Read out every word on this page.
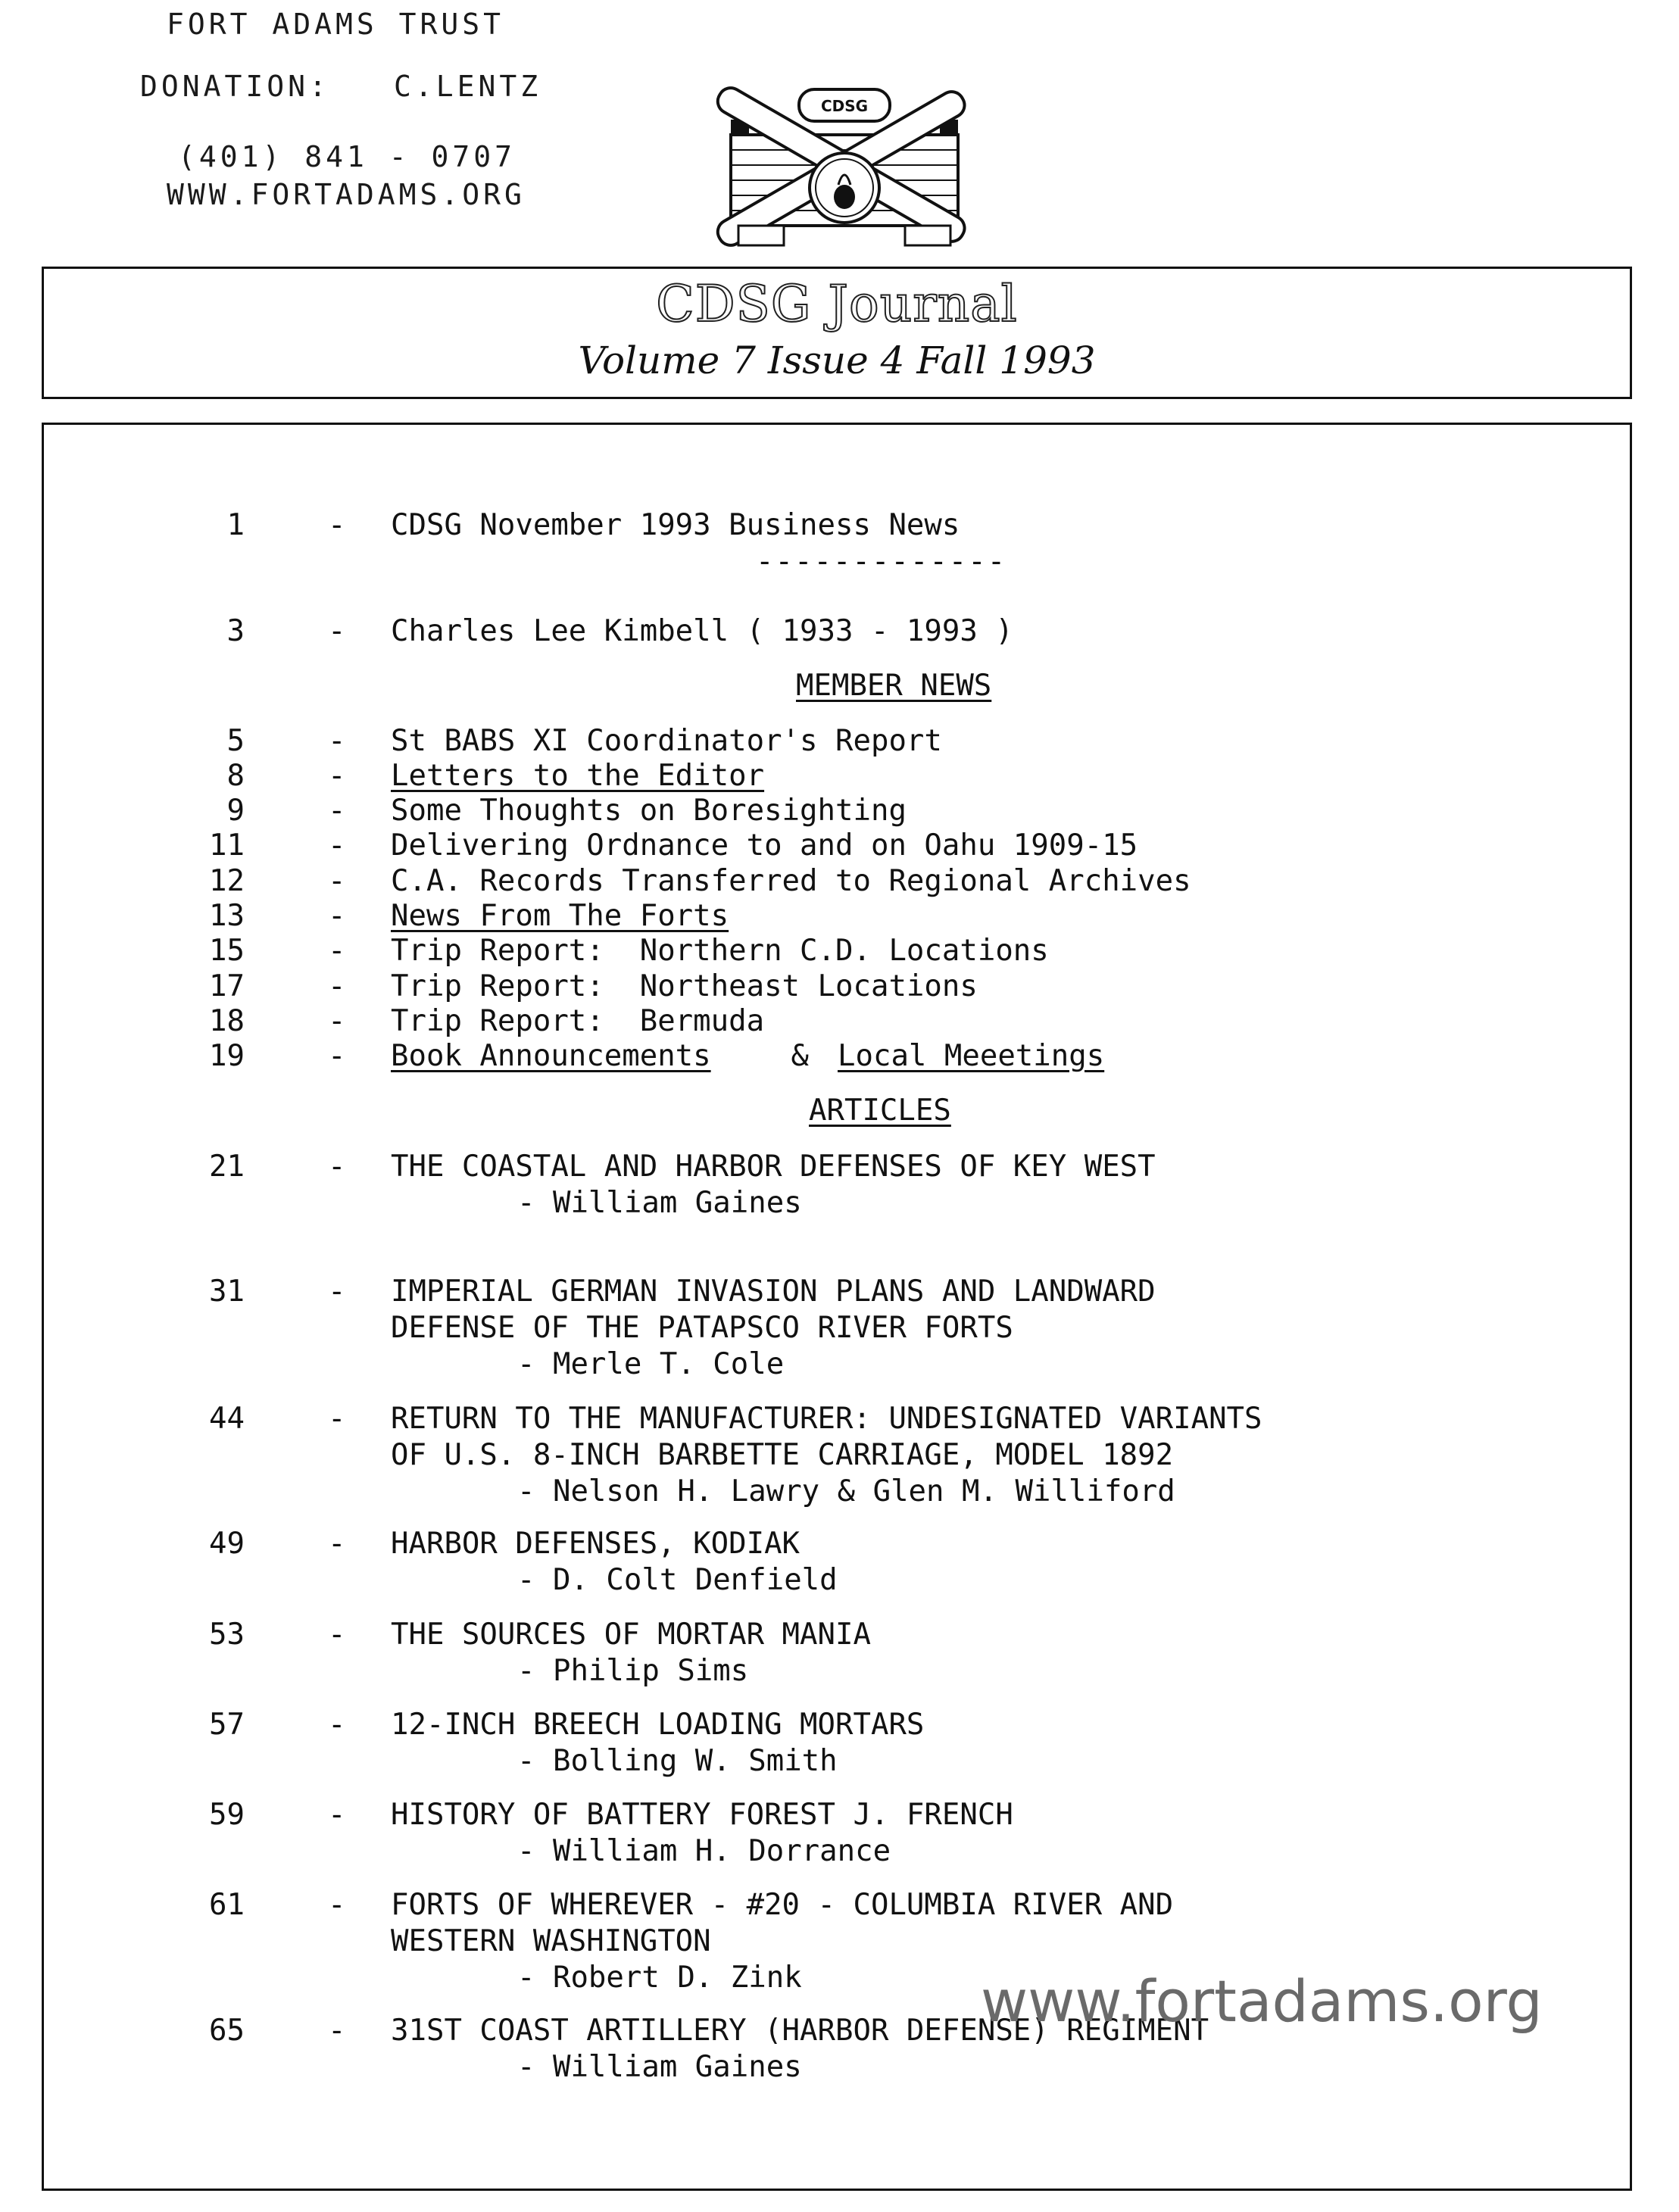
FORT ADAMS TRUST
DONATION: C.LENTZ
(401) 841 - 0707
WWW.FORTADAMS.ORG
CDSG
CDSG Journal
Volume 7 Issue 4 Fall 1993
1	- CDSG November 1993 Business News
-------------
3	- Charles Lee Kimbell ( 1933 - 1993 )
MEMBER NEWS
5	- St BABS XI Coordinator's Report
8	- Letters to the Editor
9	- Some Thoughts on Boresighting
11	- Delivering Ordnance to and on Oahu 1909-15
12	- C.A. Records Transferred to Regional Archives
13	- News From The Forts
15	- Trip Report:  Northern C.D. Locations
17	- Trip Report:  Northeast Locations
18	- Trip Report:  Bermuda
19	- Book Announcements & Local Meeetings
ARTICLES
21	- THE COASTAL AND HARBOR DEFENSES OF KEY WEST
- William Gaines
31	- IMPERIAL GERMAN INVASION PLANS AND LANDWARD
DEFENSE OF THE PATAPSCO RIVER FORTS
- Merle T. Cole
44	- RETURN TO THE MANUFACTURER: UNDESIGNATED VARIANTS
OF U.S. 8-INCH BARBETTE CARRIAGE, MODEL 1892
- Nelson H. Lawry & Glen M. Williford
49	- HARBOR DEFENSES, KODIAK
- D. Colt Denfield
53	- THE SOURCES OF MORTAR MANIA
- Philip Sims
57	- 12-INCH BREECH LOADING MORTARS
- Bolling W. Smith
59	- HISTORY OF BATTERY FOREST J. FRENCH
- William H. Dorrance
61	- FORTS OF WHEREVER - #20 - COLUMBIA RIVER AND
WESTERN WASHINGTON
- Robert D. Zink
65	- 31ST COAST ARTILLERY (HARBOR DEFENSE) REGIMENT
- William Gaines
www.fortadams.org
